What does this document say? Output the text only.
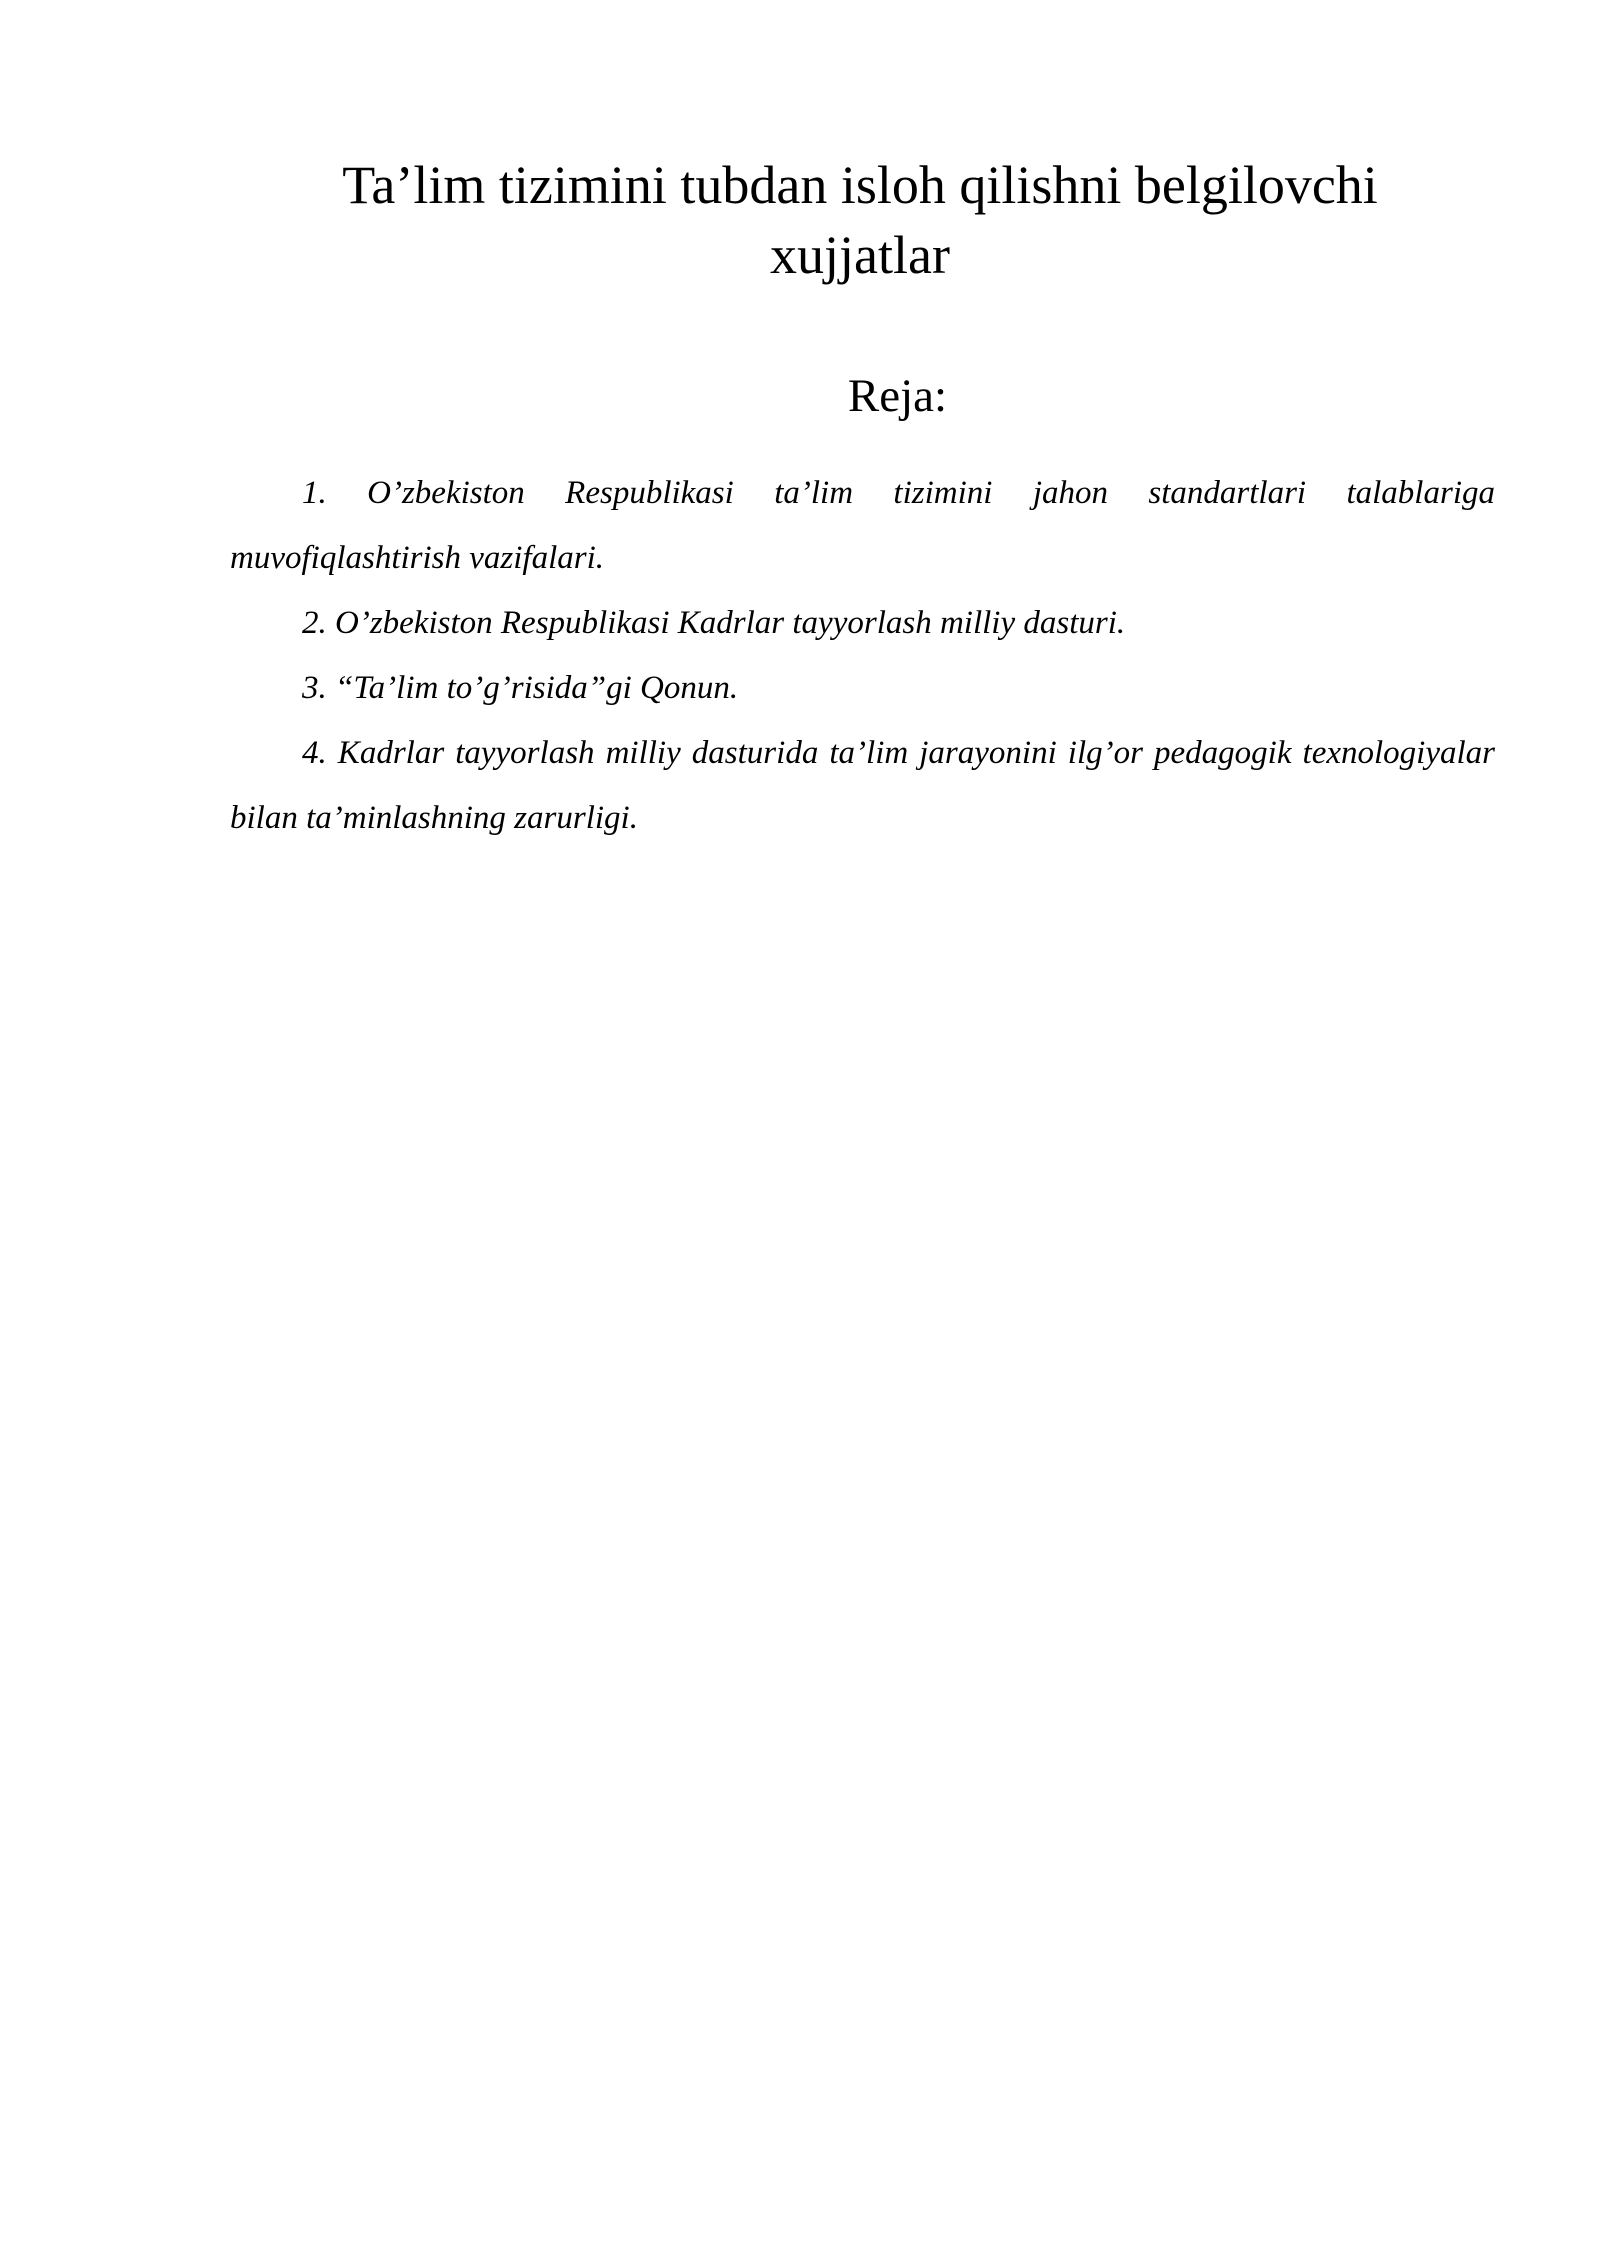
Ta’lim tizimini tubdan isloh qilishni belgilovchi
xujjatlar
Reja:
1. O’zbekiston Respublikasi ta’lim tizimini jahon standartlari talablariga muvofiqlashtirish vazifalari.
2. O’zbekiston Respublikasi Kadrlar tayyorlash milliy dasturi.
3. “Ta’lim to’g’risida”gi Qonun.
4. Kadrlar tayyorlash milliy dasturida ta’lim jarayonini ilg’or pedagogik texnologiyalar bilan ta’minlashning zarurligi.
